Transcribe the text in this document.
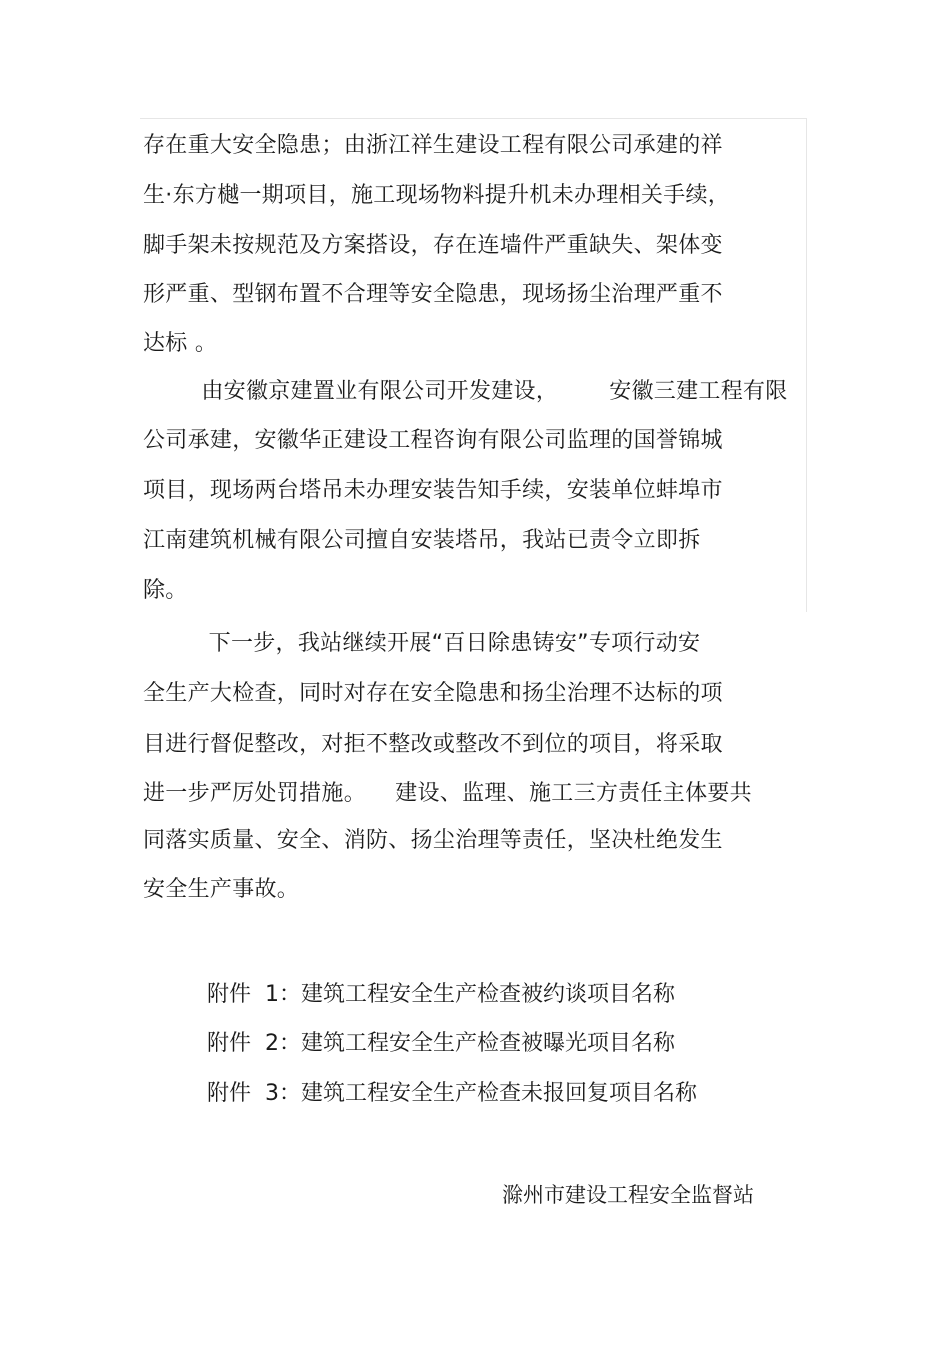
存在重大安全隐患；由浙江祥生建设工程有限公司承建的祥
生·东方樾一期项目，施工现场物料提升机未办理相关手续，
脚手架未按规范及方案搭设，存在连墙件严重缺失、架体变
形严重、型钢布置不合理等安全隐患，现场扬尘治理严重不
达标 。
由安徽京建置业有限公司开发建设，       安徽三建工程有限
公司承建，安徽华正建设工程咨询有限公司监理的国誉锦城
项目，现场两台塔吊未办理安装告知手续，安装单位蚌埠市
江南建筑机械有限公司擅自安装塔吊，我站已责令立即拆
除。
下一步，我站继续开展“百日除患铸安”专项行动安
全生产大检查，同时对存在安全隐患和扬尘治理不达标的项
目进行督促整改，对拒不整改或整改不到位的项目，将采取
进一步严厉处罚措施。    建设、监理、施工三方责任主体要共
同落实质量、安全、消防、扬尘治理等责任，坚决杜绝发生
安全生产事故。
附件  1：建筑工程安全生产检查被约谈项目名称
附件  2：建筑工程安全生产检查被曝光项目名称
附件  3：建筑工程安全生产检查未报回复项目名称
滁州市建设工程安全监督站
